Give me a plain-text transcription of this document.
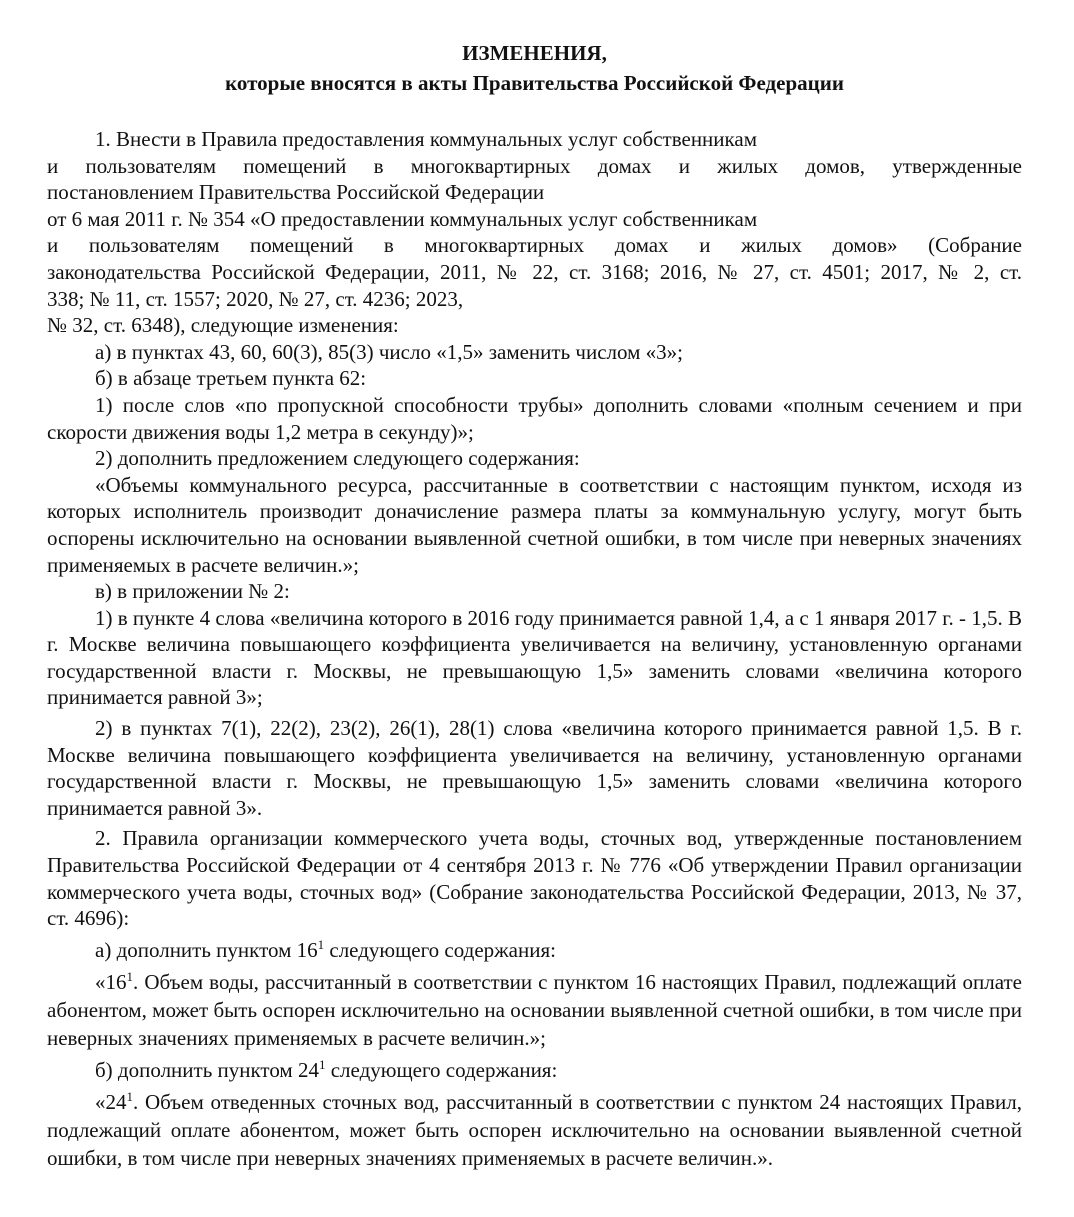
ИЗМЕНЕНИЯ,
которые вносятся в акты Правительства Российской Федерации

1. Внести в Правила предоставления коммунальных услуг собственникам

и пользователям помещений в многоквартирных домах и жилых домов, утвержденные

постановлением Правительства Российской Федерации

от 6 мая 2011 г. № 354 «О предоставлении коммунальных услуг собственникам

и пользователям помещений в многоквартирных домах и жилых домов» (Собрание

законодательства Российской Федерации, 2011, № 22, ст. 3168; 2016, № 27, ст. 4501; 2017, № 2, ст.

338; № 11, ст. 1557; 2020, № 27, ст. 4236; 2023,

№ 32, ст. 6348), следующие изменения:

а) в пунктах 43, 60, 60(3), 85(3) число «1,5» заменить числом «3»;

б) в абзаце третьем пункта 62:

1) после слов «по пропускной способности трубы» дополнить словами «полным сечением и при скорости движения воды 1,2 метра в секунду)»;

2) дополнить предложением следующего содержания:

«Объемы коммунального ресурса, рассчитанные в соответствии с настоящим пунктом, исходя из которых исполнитель производит доначисление размера платы за коммунальную услугу, могут быть оспорены исключительно на основании выявленной счетной ошибки, в том числе при неверных значениях применяемых в расчете величин.»;

в) в приложении № 2:

1) в пункте 4 слова «величина которого в 2016 году принимается равной 1,4, а с 1 января 2017 г. - 1,5. В г. Москве величина повышающего коэффициента увеличивается на величину, установленную органами государственной власти г. Москвы, не превышающую 1,5» заменить словами «величина которого принимается равной 3»;

2) в пунктах 7(1), 22(2), 23(2), 26(1), 28(1) слова «величина которого принимается равной 1,5. В г. Москве величина повышающего коэффициента увеличивается на величину, установленную органами государственной власти г. Москвы, не превышающую 1,5» заменить словами «величина которого принимается равной 3».

2. Правила организации коммерческого учета воды, сточных вод, утвержденные постановлением Правительства Российской Федерации от 4 сентября 2013 г. № 776 «Об утверждении Правил организации коммерческого учета воды, сточных вод» (Собрание законодательства Российской Федерации, 2013, № 37, ст. 4696):

а) дополнить пунктом $16^1$ следующего содержания:

«$16^1$. Объем воды, рассчитанный в соответствии с пунктом 16 настоящих Правил, подлежащий оплате абонентом, может быть оспорен исключительно на основании выявленной счетной ошибки, в том числе при неверных значениях применяемых в расчете величин.»;

б) дополнить пунктом $24^1$ следующего содержания:

«$24^1$. Объем отведенных сточных вод, рассчитанный в соответствии с пунктом 24 настоящих Правил, подлежащий оплате абонентом, может быть оспорен исключительно на основании выявленной счетной ошибки, в том числе при неверных значениях применяемых в расчете величин.».
